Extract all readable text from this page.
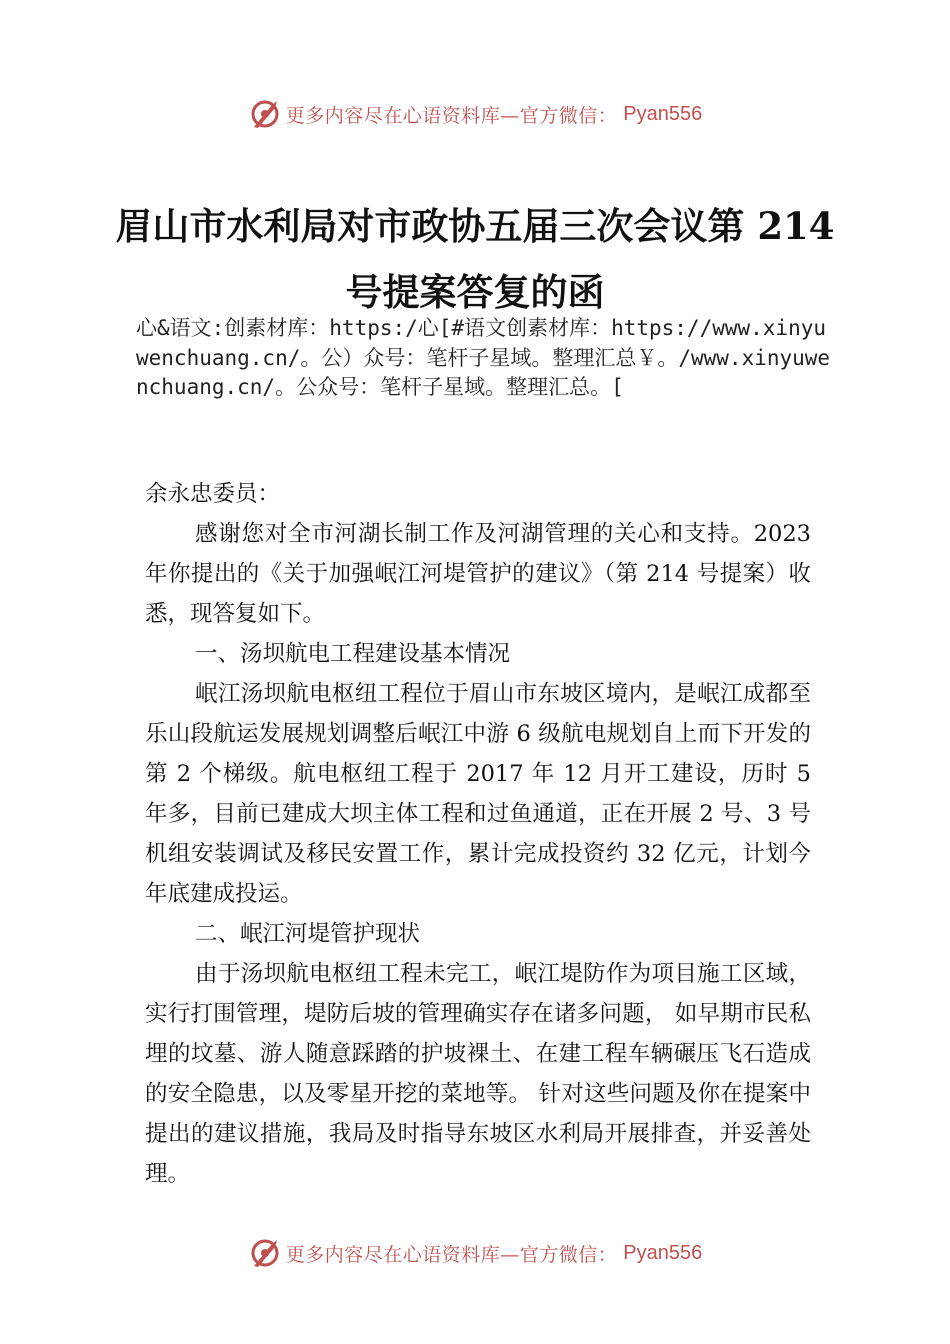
更多内容尽在心语资料库—官方微信： Pyan556
眉山市水利局对市政协五届三次会议第 214
号提案答复的函
心&语文:创素材库：https:/心[#语文创素材库：https://www.xinyuwenchuang.cn/。公）众号：笔杆子星域。整理汇总￥。/www.xinyuwenchuang.cn/。公众号：笔杆子星域。整理汇总。[

余永忠委员：

感谢您对全市河湖长制工作及河湖管理的关心和支持。2023 年你提出的《关于加强岷江河堤管护的建议》（第 214 号提案）收悉，现答复如下。

一、汤坝航电工程建设基本情况

岷江汤坝航电枢纽工程位于眉山市东坡区境内，是岷江成都至乐山段航运发展规划调整后岷江中游 6 级航电规划自上而下开发的第 2 个梯级。航电枢纽工程于 2017 年 12 月开工建设，历时 5 年多，目前已建成大坝主体工程和过鱼通道，正在开展 2 号、3 号机组安装调试及移民安置工作，累计完成投资约 32 亿元，计划今年底建成投运。

二、岷江河堤管护现状

由于汤坝航电枢纽工程未完工，岷江堤防作为项目施工区域，实行打围管理，堤防后坡的管理确实存在诸多问题， 如早期市民私埋的坟墓、游人随意踩踏的护坡裸土、在建工程车辆碾压飞石造成的安全隐患，以及零星开挖的菜地等。 针对这些问题及你在提案中提出的建议措施，我局及时指导东坡区水利局开展排查，并妥善处理。

更多内容尽在心语资料库—官方微信： Pyan556
